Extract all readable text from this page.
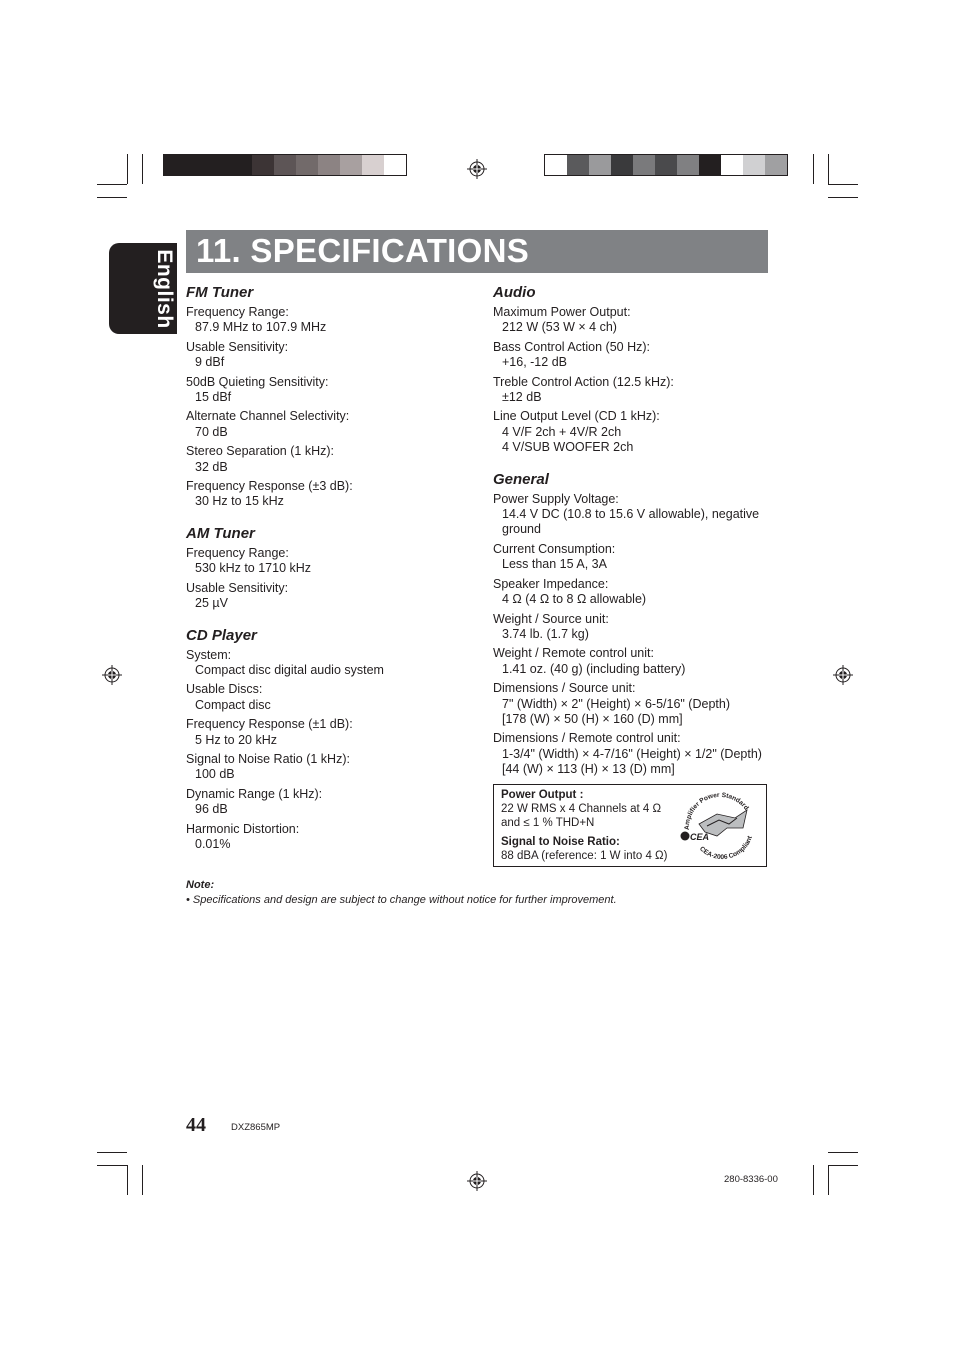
English 11. SPECIFICATIONS
FM Tuner
Frequency Range:
87.9 MHz to 107.9 MHz
Usable Sensitivity:
9 dBf
50dB Quieting Sensitivity:
15 dBf
Alternate Channel Selectivity:
70 dB
Stereo Separation (1 kHz):
32 dB
Frequency Response (±3 dB):
30 Hz to 15 kHz
AM Tuner
Frequency Range:
530 kHz to 1710 kHz
Usable Sensitivity:
25 µV
CD Player
System:
Compact disc digital audio system
Usable Discs:
Compact disc
Frequency Response (±1 dB):
5 Hz to 20 kHz
Signal to Noise Ratio (1 kHz):
100 dB
Dynamic Range (1 kHz):
96 dB
Harmonic Distortion:
0.01%
Audio
Maximum Power Output:
212 W (53 W × 4 ch)
Bass Control Action (50 Hz):
+16, -12 dB
Treble Control Action (12.5 kHz):
±12 dB
Line Output Level (CD 1 kHz):
4 V/F 2ch + 4V/R 2ch
4 V/SUB WOOFER 2ch
General
Power Supply Voltage:
14.4 V DC (10.8 to 15.6 V allowable), negative
ground
Current Consumption:
Less than 15 A, 3A
Speaker Impedance:
4 Ω (4 Ω to 8 Ω allowable)
Weight / Source unit:
3.74 lb. (1.7 kg)
Weight / Remote control unit:
1.41 oz. (40 g) (including battery)
Dimensions / Source unit:
7" (Width) × 2" (Height) × 6-5/16" (Depth)
[178 (W) × 50 (H) × 160 (D) mm]
Dimensions / Remote control unit:
1-3/4" (Width) × 4-7/16" (Height) × 1/2" (Depth)
[44 (W) × 113 (H) × 13 (D) mm]
Power Output :
22 W RMS x 4 Channels at 4 Ω
and ≤ 1 % THD+N
Signal to Noise Ratio:
88 dBA (reference: 1 W into 4 Ω)
Amplifier Power Standard
CEA-2006 Compliant
CEA
Note:
• Specifications and design are subject to change without notice for further improvement.
44	DXZ865MP
280-8336-00
